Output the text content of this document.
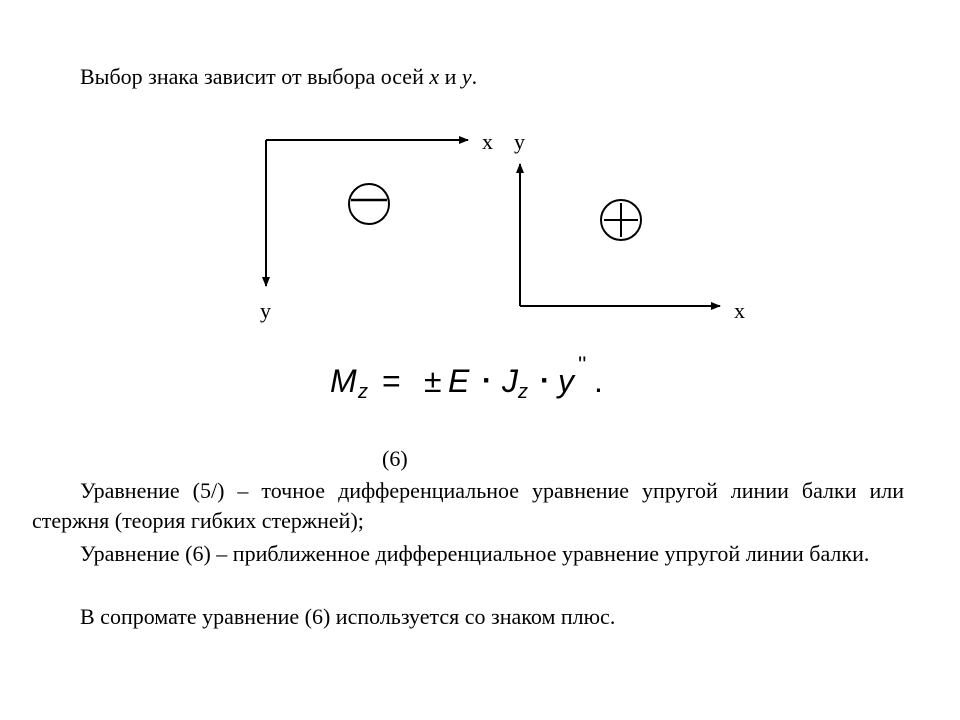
Выбор знака зависит от выбора осей x и y.
x
y
y
x
M z = ± E · J z · y '' .
(6)

Уравнение (5/) – точное дифференциальное уравнение упругой линии балки или стержня (теория гибких стержней);

Уравнение (6) – приближенное дифференциальное уравнение упругой линии балки.

В сопромате уравнение (6) используется со знаком плюс.
